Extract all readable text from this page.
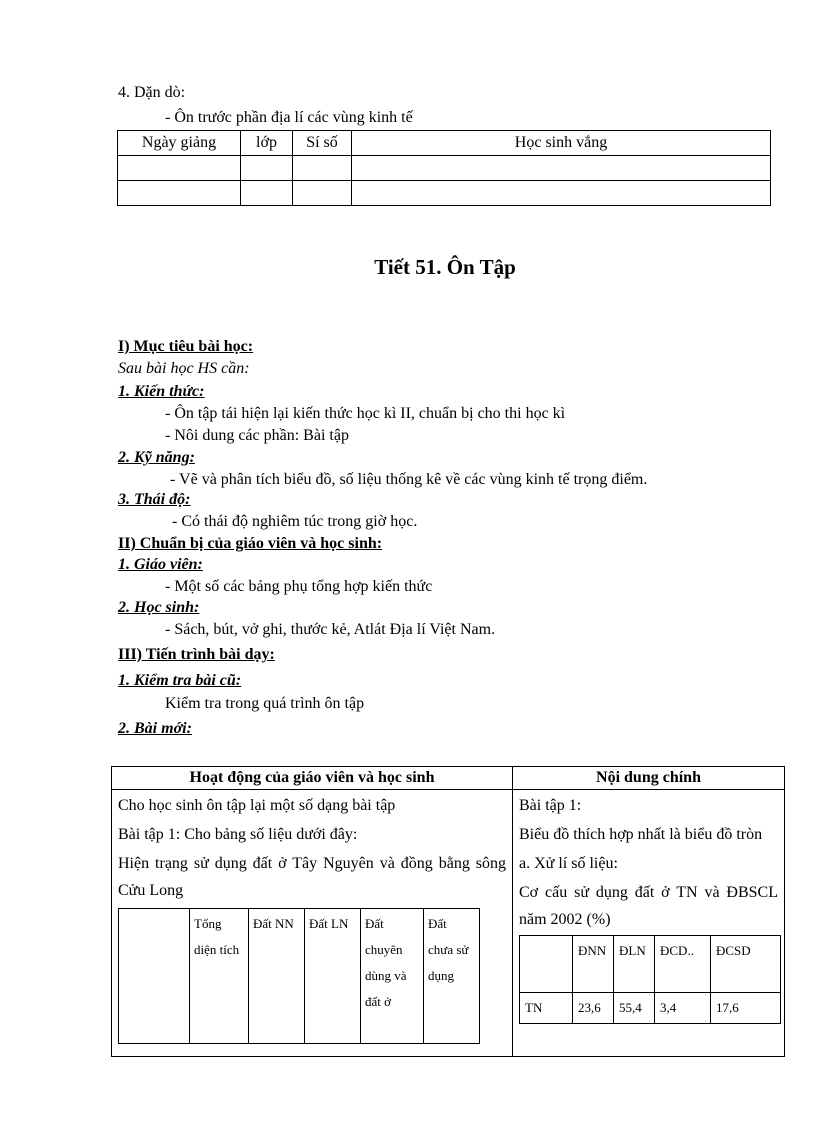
4. Dặn dò:
- Ôn trước phần địa lí các vùng kinh tế
Ngày giảng	lớp	Sí số	Học sinh vắng

Tiết 51. Ôn Tập
I) Mục tiêu bài học:
Sau bài học HS cần:
1. Kiến thức:
- Ôn tập tái hiện lại kiến thức học kì II, chuẩn bị cho thi học kì
- Nôi dung các phần: Bài tập
2. Kỹ năng:
- Vẽ và phân tích biểu đồ, số liệu thống kê về các vùng kinh tế trọng điểm.
3. Thái độ:
- Có thái độ nghiêm túc trong giờ học.
II) Chuẩn bị của giáo viên và học sinh:
1. Giáo viên:
- Một số các bảng phụ tổng hợp kiến thức
2. Học sinh:
- Sách, bút, vở ghi, thước kẻ, Atlát Địa lí Việt Nam.
III) Tiến trình bài dạy:
1. Kiểm tra bài cũ:
Kiểm tra trong quá trình ôn tập
2. Bài mới:
Hoạt động của giáo viên và học sinh	Nội dung chính

Cho học sinh ôn tập lại một số dạng bài tập
Bài tập 1: Cho bảng số liệu dưới đây:
Hiện trạng sử dụng đất ở Tây Nguyên và đồng bằng sông Cửu Long
	Tổng diện tích	Đất NN	Đất LN	Đất chuyên dùng và đất ở	Đất chưa sử dụng

Bài tập 1:
Biểu đồ thích hợp nhất là biểu đồ tròn
a. Xử lí số liệu:
Cơ cấu sử dụng đất ở TN và ĐBSCL năm 2002 (%)
	ĐNN	ĐLN	ĐCD..	ĐCSD
TN	23,6	55,4	3,4	17,6
